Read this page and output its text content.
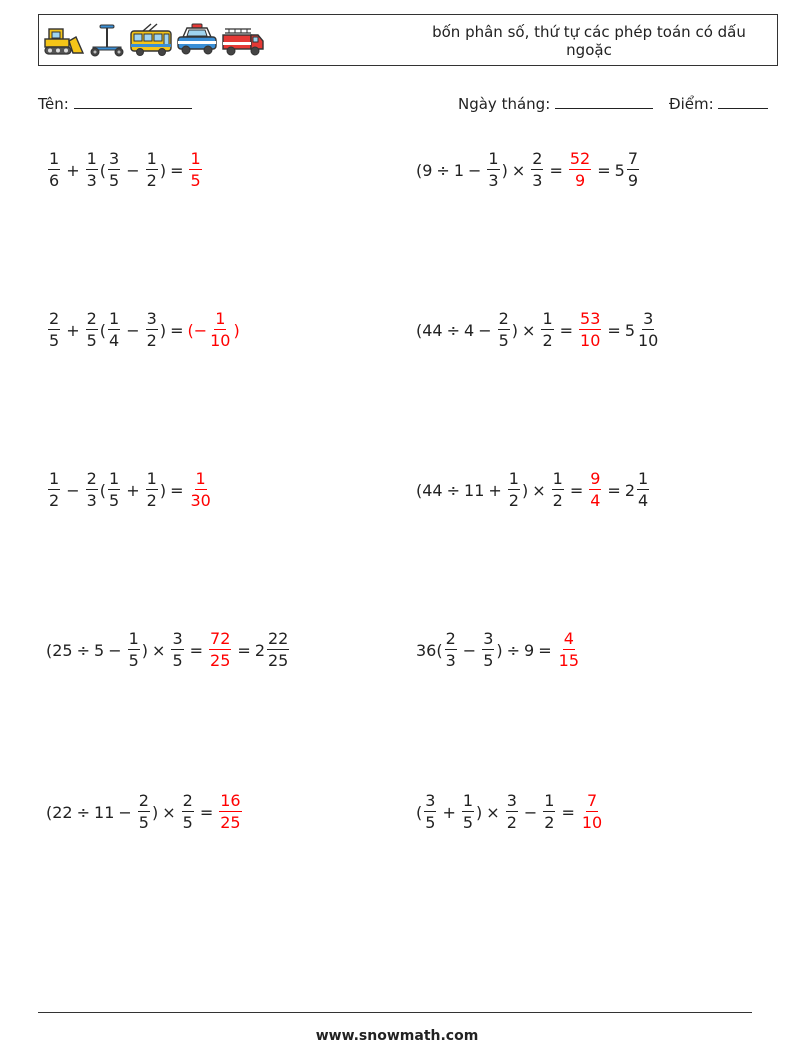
bốn phân số, thứ tự các phép toán có dấu ngoặc
Tên:	Ngày tháng:	Điểm:
$\frac{1}{6} + \frac{1}{3}$ ( $\frac{3}{5} - \frac{1}{2}$ ) = $\frac{1}{5}$	($9 \div 1 - \frac{1}{3}$ ) × $\frac{2}{3} = \frac{52}{9} = 5 \frac{7}{9}$
$\frac{2}{5} + \frac{2}{5}$ ( $\frac{1}{4} - \frac{3}{2}$ ) = (− $\frac{1}{10}$ )	($44 \div 4 - \frac{2}{5}$ ) × $\frac{1}{2} = \frac{53}{10} = 5 \frac{3}{10}$
$\frac{1}{2} - \frac{2}{3}$ ( $\frac{1}{5} + \frac{1}{2}$ ) = $\frac{1}{30}$	($44 \div 11 + \frac{1}{2}$ ) × $\frac{1}{2} = \frac{9}{4} = 2 \frac{1}{4}$
($25 \div 5 - \frac{1}{5}$ ) × $\frac{3}{5} = \frac{72}{25} = 2 \frac{22}{25}$	$36( \frac{2}{3} - \frac{3}{5}$ ) ÷ $9 = \frac{4}{15}$
($22 \div 11 - \frac{2}{5}$ ) × $\frac{2}{5} = \frac{16}{25}$	( $\frac{3}{5} + \frac{1}{5}$ ) × $\frac{3}{2} - \frac{1}{2} = \frac{7}{10}$
www.snowmath.com
